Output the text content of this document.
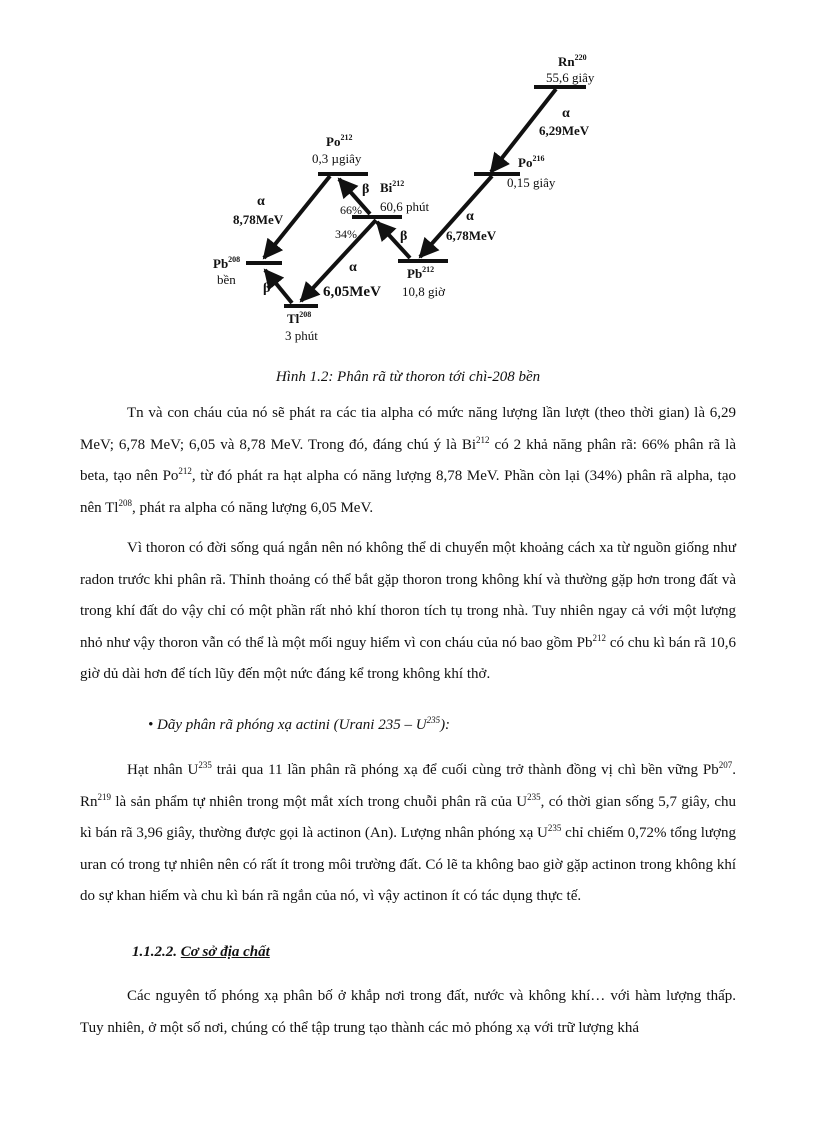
Rn$^{220}$
55,6 giây
Po$^{216}$
0,15 giây
Pb$^{212}$
10,8 giờ
Bi$^{212}$
60,6 phút
Po$^{212}$
0,3 µgiây
Tl$^{208}$
3 phút
Pb$^{208}$
bền
α
6,29MeV
α
6,78MeV
β
β
66%
34%
α
6,05MeV
α
8,78MeV
β
Hình 1.2: Phân rã từ thoron tới chì-208 bền

Tn và con cháu của nó sẽ phát ra các tia alpha có mức năng lượng lần lượt (theo thời gian) là 6,29 MeV; 6,78 MeV; 6,05 và 8,78 MeV. Trong đó, đáng chú ý là Bi$^{212}$ có 2 khả năng phân rã: 66% phân rã là beta, tạo nên Po$^{212}$, từ đó phát ra hạt alpha có năng lượng 8,78 MeV. Phần còn lại (34%) phân rã alpha, tạo nên Tl$^{208}$, phát ra alpha có năng lượng 6,05 MeV.

Vì thoron có đời sống quá ngắn nên nó không thể di chuyển một khoảng cách xa từ nguồn giống như radon trước khi phân rã. Thỉnh thoảng có thể bắt gặp thoron trong không khí và thường gặp hơn trong đất và trong khí đất do vậy chỉ có một phần rất nhỏ khí thoron tích tụ trong nhà. Tuy nhiên ngay cả với một lượng nhỏ như vậy thoron vẫn có thể là một mối nguy hiểm vì con cháu của nó bao gồm Pb$^{212}$ có chu kì bán rã 10,6 giờ dủ dài hơn để tích lũy đến một nức đáng kể trong không khí thở.

• Dãy phân rã phóng xạ actini (Urani $235 - U^{235}$):

Hạt nhân $U^{235}$ trải qua 11 lần phân rã phóng xạ để cuối cùng trở thành đồng vị chì bền vững Pb$^{207}$. Rn$^{219}$ là sản phẩm tự nhiên trong một mắt xích trong chuỗi phân rã của $U^{235}$, có thời gian sống 5,7 giây, chu kì bán rã 3,96 giây, thường được gọi là actinon (An). Lượng nhân phóng xạ $U^{235}$ chỉ chiếm 0,72% tổng lượng uran có trong tự nhiên nên có rất ít trong môi trường đất. Có lẽ ta không bao giờ gặp actinon trong không khí do sự khan hiếm và chu kì bán rã ngắn của nó, vì vậy actinon ít có tác dụng thực tế.

1.1.2.2. Cơ sở địa chất

Các nguyên tố phóng xạ phân bố ở khắp nơi trong đất, nước và không khí… với hàm lượng thấp. Tuy nhiên, ở một số nơi, chúng có thể tập trung tạo thành các mỏ phóng xạ với trữ lượng khá
